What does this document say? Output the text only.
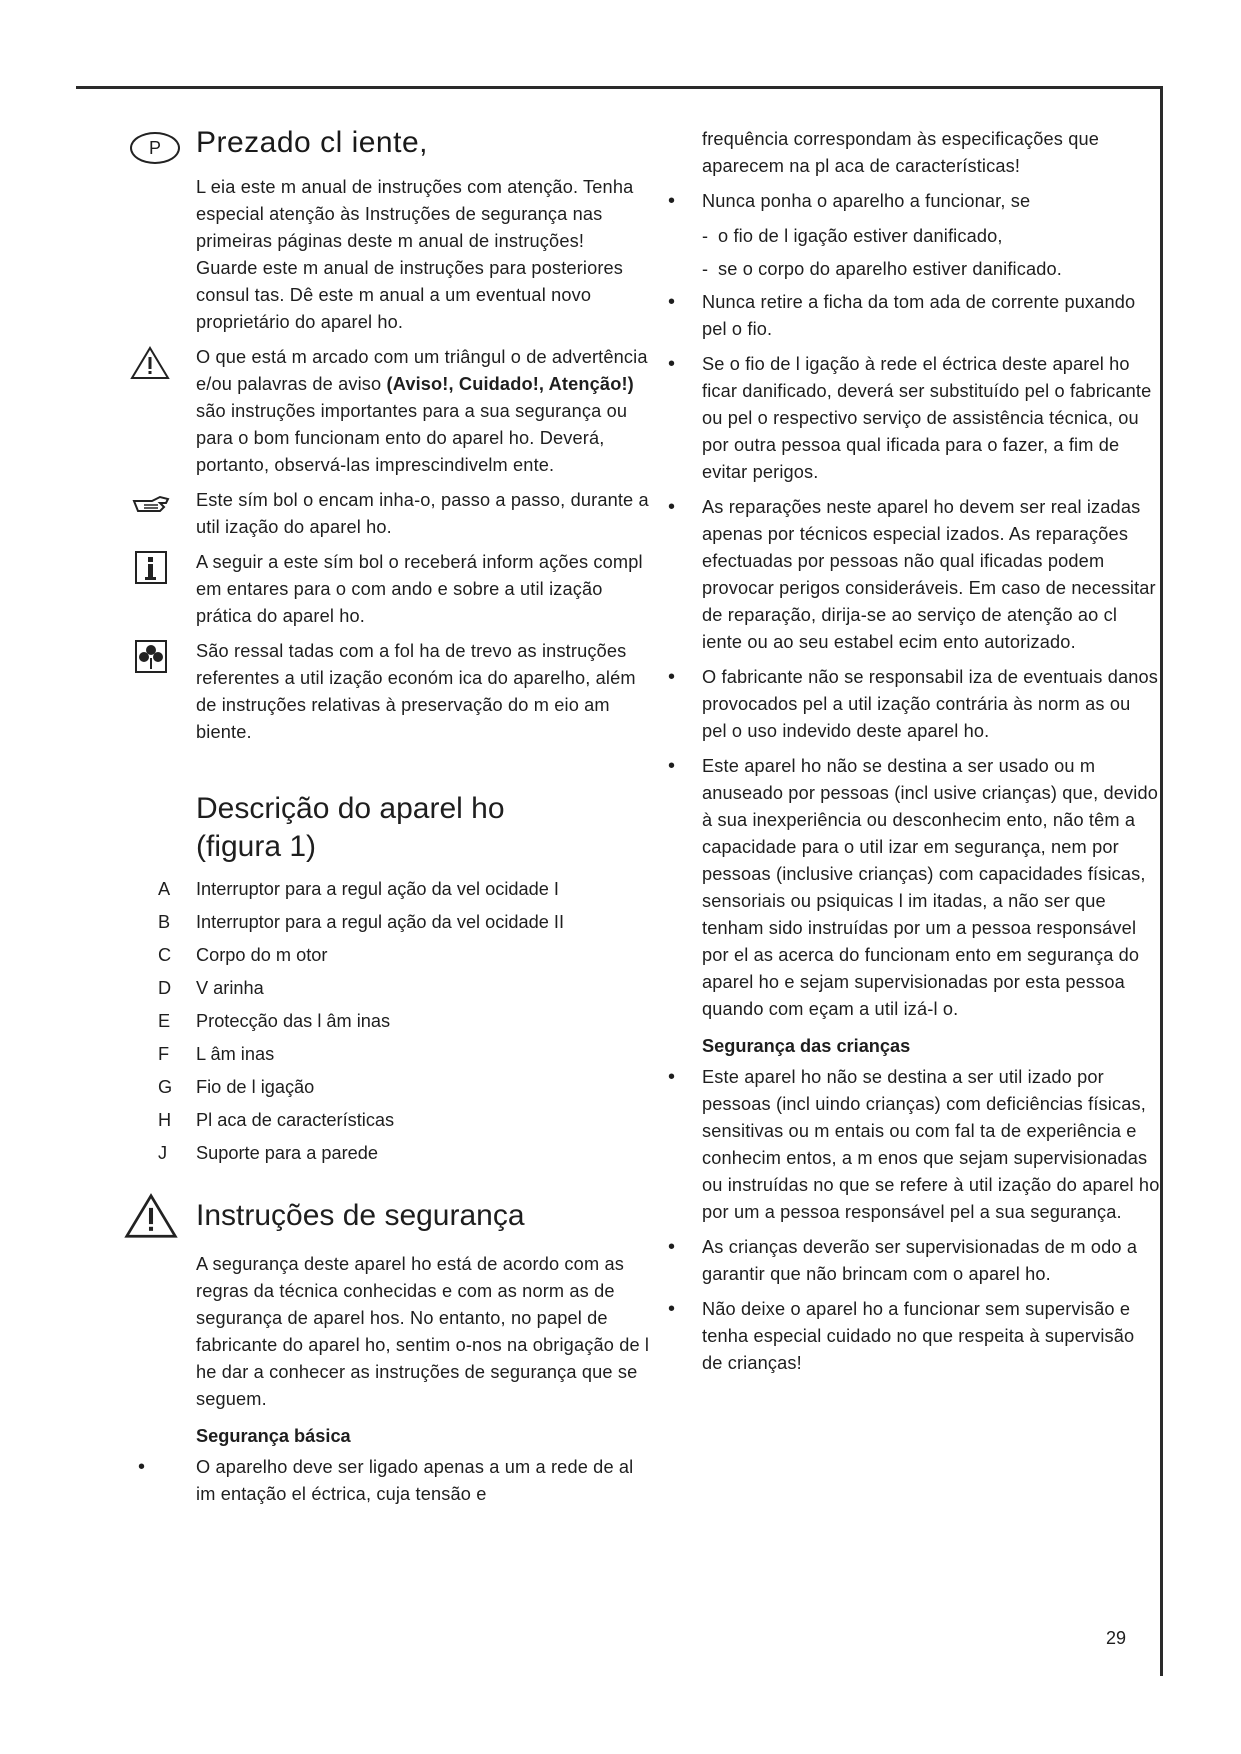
P	Prezado cl iente,

L eia este m anual de instruções com atenção. Tenha especial atenção às Instruções de segurança nas primeiras páginas deste m anual de instruções! Guarde este m anual de instruções para posteriores consul tas. Dê este m anual a um eventual novo proprietário do aparel ho.

O que está m arcado com um triângul o de advertência e/ou palavras de aviso (Aviso!, Cuidado!, Atenção!) são instruções importantes para a sua segurança ou para o bom funcionam ento do aparel ho. Deverá, portanto, observá-las imprescindivelm ente.

Este sím bol o encam inha-o, passo a passo, durante a util ização do aparel ho.

A seguir a este sím bol o receberá inform ações compl em entares para o com ando e sobre a util ização prática do aparel ho.

São ressal tadas com a fol ha de trevo as instruções referentes a util ização económ ica do aparelho, além de instruções relativas à preservação do m eio am biente.

Descrição do aparel ho
(figura 1)
A	Interruptor para a regul ação da vel ocidade I
B	Interruptor para a regul ação da vel ocidade II
C	Corpo do m otor
D	V arinha
E	Protecção das l âm inas
F	L âm inas
G	Fio de l igação
H	Pl aca de características
J	Suporte para a parede
Instruções de segurança

A segurança deste aparel ho está de acordo com as regras da técnica conhecidas e com as norm as de segurança de aparel hos. No entanto, no papel de fabricante do aparel ho, sentim o-nos na obrigação de l he dar a conhecer as instruções de segurança que se seguem.

Segurança básica
• O aparelho deve ser ligado apenas a um a rede de al im entação el éctrica, cuja tensão e

frequência correspondam às especificações que aparecem na pl aca de características!

• Nunca ponha o aparelho a funcionar, se
- o fio de l igação estiver danificado,
- se o corpo do aparelho estiver danificado.
• Nunca retire a ficha da tom ada de corrente puxando pel o fio.
• Se o fio de l igação à rede el éctrica deste aparel ho ficar danificado, deverá ser substituído pel o fabricante ou pel o respectivo serviço de assistência técnica, ou por outra pessoa qual ificada para o fazer, a fim de evitar perigos.
• As reparações neste aparel ho devem ser real izadas apenas por técnicos especial izados. As reparações efectuadas por pessoas não qual ificadas podem provocar perigos consideráveis. Em caso de necessitar de reparação, dirija-se ao serviço de atenção ao cl iente ou ao seu estabel ecim ento autorizado.
• O fabricante não se responsabil iza de eventuais danos provocados pel a util ização contrária às norm as ou pel o uso indevido deste aparel ho.
• Este aparel ho não se destina a ser usado ou m anuseado por pessoas (incl usive crianças) que, devido à sua inexperiência ou desconhecim ento, não têm a capacidade para o util izar em segurança, nem por pessoas (inclusive crianças) com capacidades físicas, sensoriais ou psiquicas l im itadas, a não ser que tenham sido instruídas por um a pessoa responsável por el as acerca do funcionam ento em segurança do aparel ho e sejam supervisionadas por esta pessoa quando com eçam a util izá-l o.
Segurança das crianças
• Este aparel ho não se destina a ser util izado por pessoas (incl uindo crianças) com deficiências físicas, sensitivas ou m entais ou com fal ta de experiência e conhecim entos, a m enos que sejam supervisionadas ou instruídas no que se refere à util ização do aparel ho por um a pessoa responsável pel a sua segurança.
• As crianças deverão ser supervisionadas de m odo a garantir que não brincam com o aparel ho.
• Não deixe o aparel ho a funcionar sem supervisão e tenha especial cuidado no que respeita à supervisão de crianças!
29
